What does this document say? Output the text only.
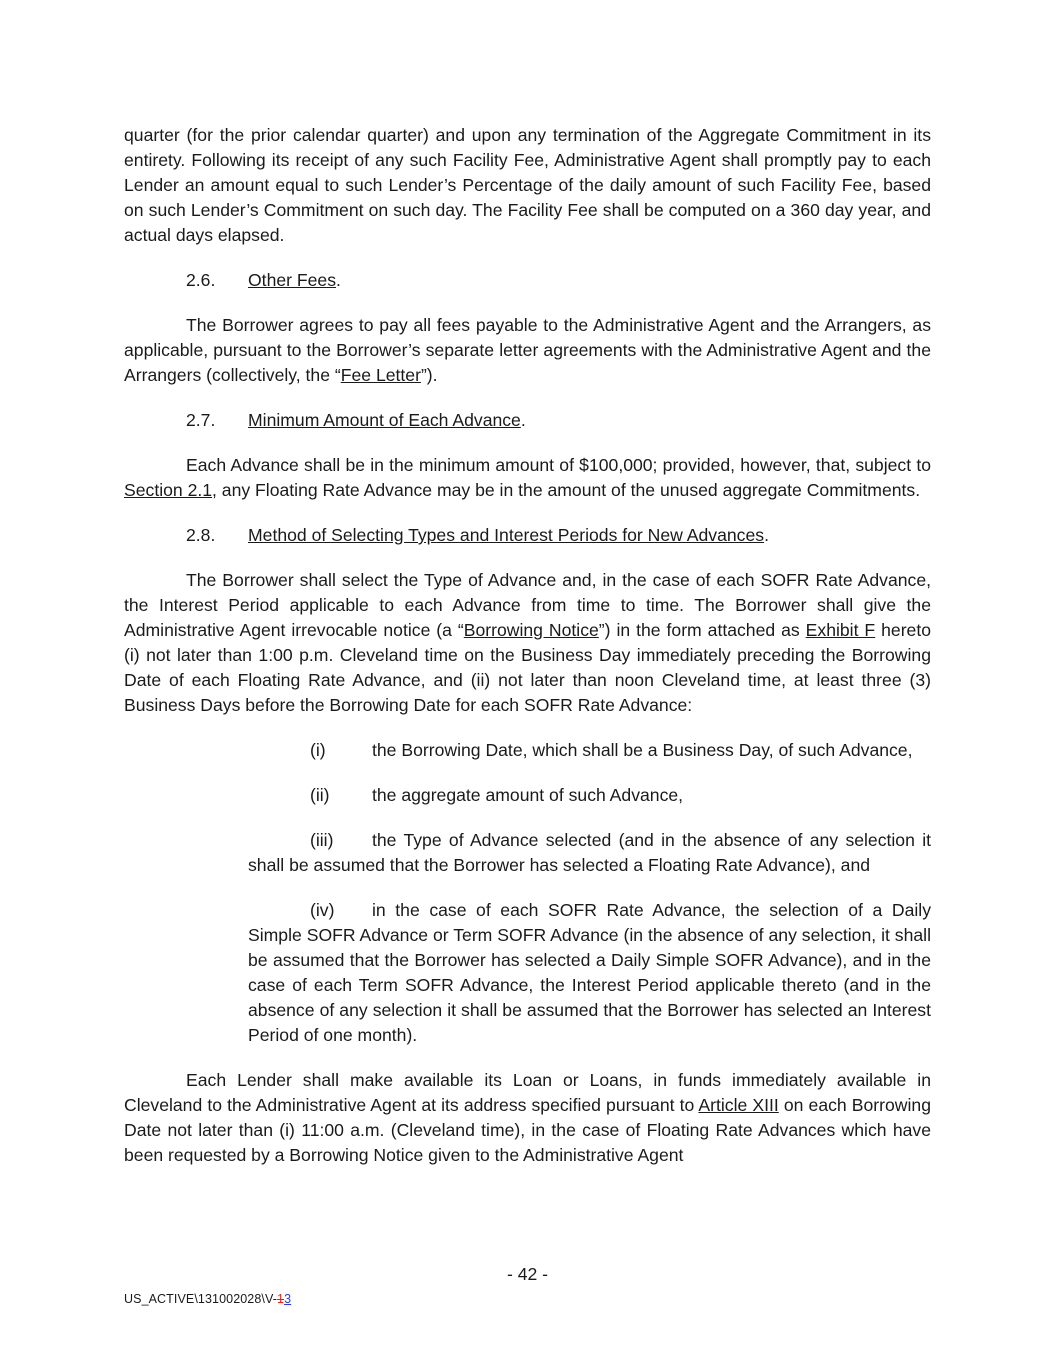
quarter (for the prior calendar quarter) and upon any termination of the Aggregate Commitment in its entirety. Following its receipt of any such Facility Fee, Administrative Agent shall promptly pay to each Lender an amount equal to such Lender’s Percentage of the daily amount of such Facility Fee, based on such Lender’s Commitment on such day. The Facility Fee shall be computed on a 360 day year, and actual days elapsed.

2.6. Other Fees.

The Borrower agrees to pay all fees payable to the Administrative Agent and the Arrangers, as applicable, pursuant to the Borrower’s separate letter agreements with the Administrative Agent and the Arrangers (collectively, the “Fee Letter”).

2.7. Minimum Amount of Each Advance.

Each Advance shall be in the minimum amount of $100,000; provided, however, that, subject to Section 2.1, any Floating Rate Advance may be in the amount of the unused aggregate Commitments.

2.8. Method of Selecting Types and Interest Periods for New Advances.

The Borrower shall select the Type of Advance and, in the case of each SOFR Rate Advance, the Interest Period applicable to each Advance from time to time. The Borrower shall give the Administrative Agent irrevocable notice (a “Borrowing Notice”) in the form attached as Exhibit F hereto (i) not later than 1:00 p.m. Cleveland time on the Business Day immediately preceding the Borrowing Date of each Floating Rate Advance, and (ii) not later than noon Cleveland time, at least three (3) Business Days before the Borrowing Date for each SOFR Rate Advance:

(i)	the Borrowing Date, which shall be a Business Day, of such Advance,

(ii) the aggregate amount of such Advance,

(iii) the Type of Advance selected (and in the absence of any selection it shall be assumed that the Borrower has selected a Floating Rate Advance), and

(iv) in the case of each SOFR Rate Advance, the selection of a Daily Simple SOFR Advance or Term SOFR Advance (in the absence of any selection, it shall be assumed that the Borrower has selected a Daily Simple SOFR Advance), and in the case of each Term SOFR Advance, the Interest Period applicable thereto (and in the absence of any selection it shall be assumed that the Borrower has selected an Interest Period of one month).

Each Lender shall make available its Loan or Loans, in funds immediately available in Cleveland to the Administrative Agent at its address specified pursuant to Article XIII on each Borrowing Date not later than (i) 11:00 a.m. (Cleveland time), in the case of Floating Rate Advances which have been requested by a Borrowing Notice given to the Administrative Agent

- 42 -
US_ACTIVE\131002028\V-13
